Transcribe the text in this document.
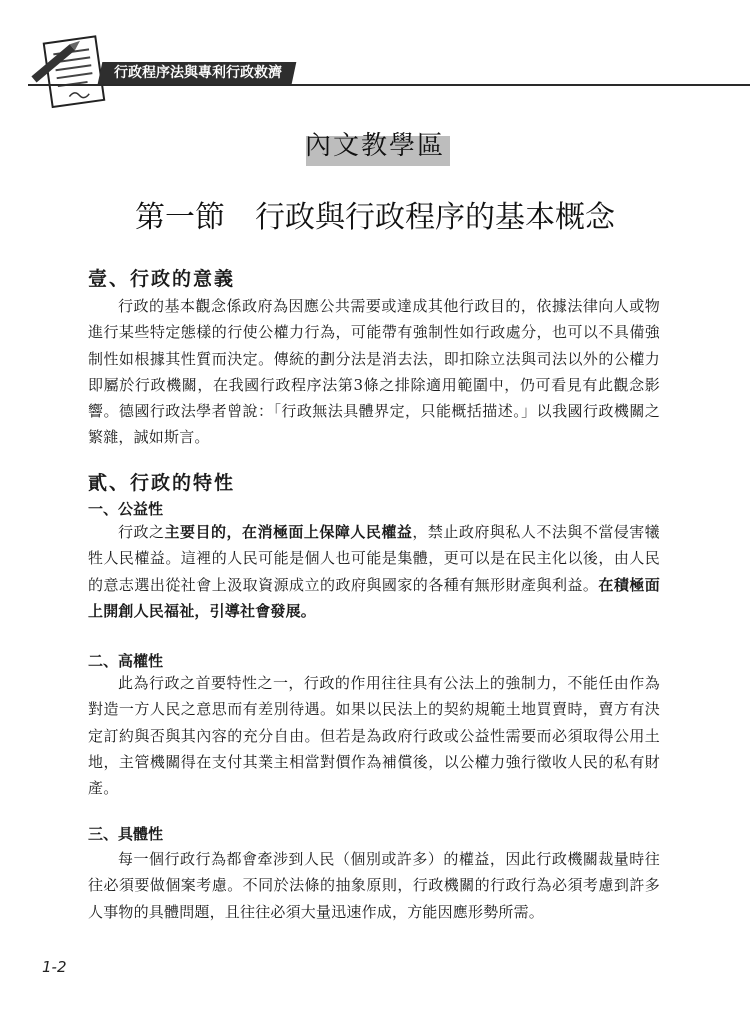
行政程序法與專利行政救濟
內文教學區
第一節　行政與行政程序的基本概念
壹、行政的意義
行政的基本觀念係政府為因應公共需要或達成其他行政目的，依據法律向人或物進行某些特定態樣的行使公權力行為，可能帶有強制性如行政處分，也可以不具備強制性如根據其性質而決定。傳統的劃分法是消去法，即扣除立法與司法以外的公權力即屬於行政機關，在我國行政程序法第3條之排除適用範圍中，仍可看見有此觀念影響。德國行政法學者曾說：「行政無法具體界定，只能概括描述。」以我國行政機關之繁雜，誠如斯言。
貳、行政的特性
一、公益性
行政之主要目的，在消極面上保障人民權益，禁止政府與私人不法與不當侵害犧牲人民權益。這裡的人民可能是個人也可能是集體，更可以是在民主化以後，由人民的意志選出從社會上汲取資源成立的政府與國家的各種有無形財產與利益。在積極面上開創人民福祉，引導社會發展。
二、高權性
此為行政之首要特性之一，行政的作用往往具有公法上的強制力，不能任由作為對造一方人民之意思而有差別待遇。如果以民法上的契約規範土地買賣時，賣方有決定訂約與否與其內容的充分自由。但若是為政府行政或公益性需要而必須取得公用土地，主管機關得在支付其業主相當對價作為補償後，以公權力強行徵收人民的私有財產。
三、具體性
每一個行政行為都會牽涉到人民（個別或許多）的權益，因此行政機關裁量時往往必須要做個案考慮。不同於法條的抽象原則，行政機關的行政行為必須考慮到許多人事物的具體問題，且往往必須大量迅速作成，方能因應形勢所需。
1-2
